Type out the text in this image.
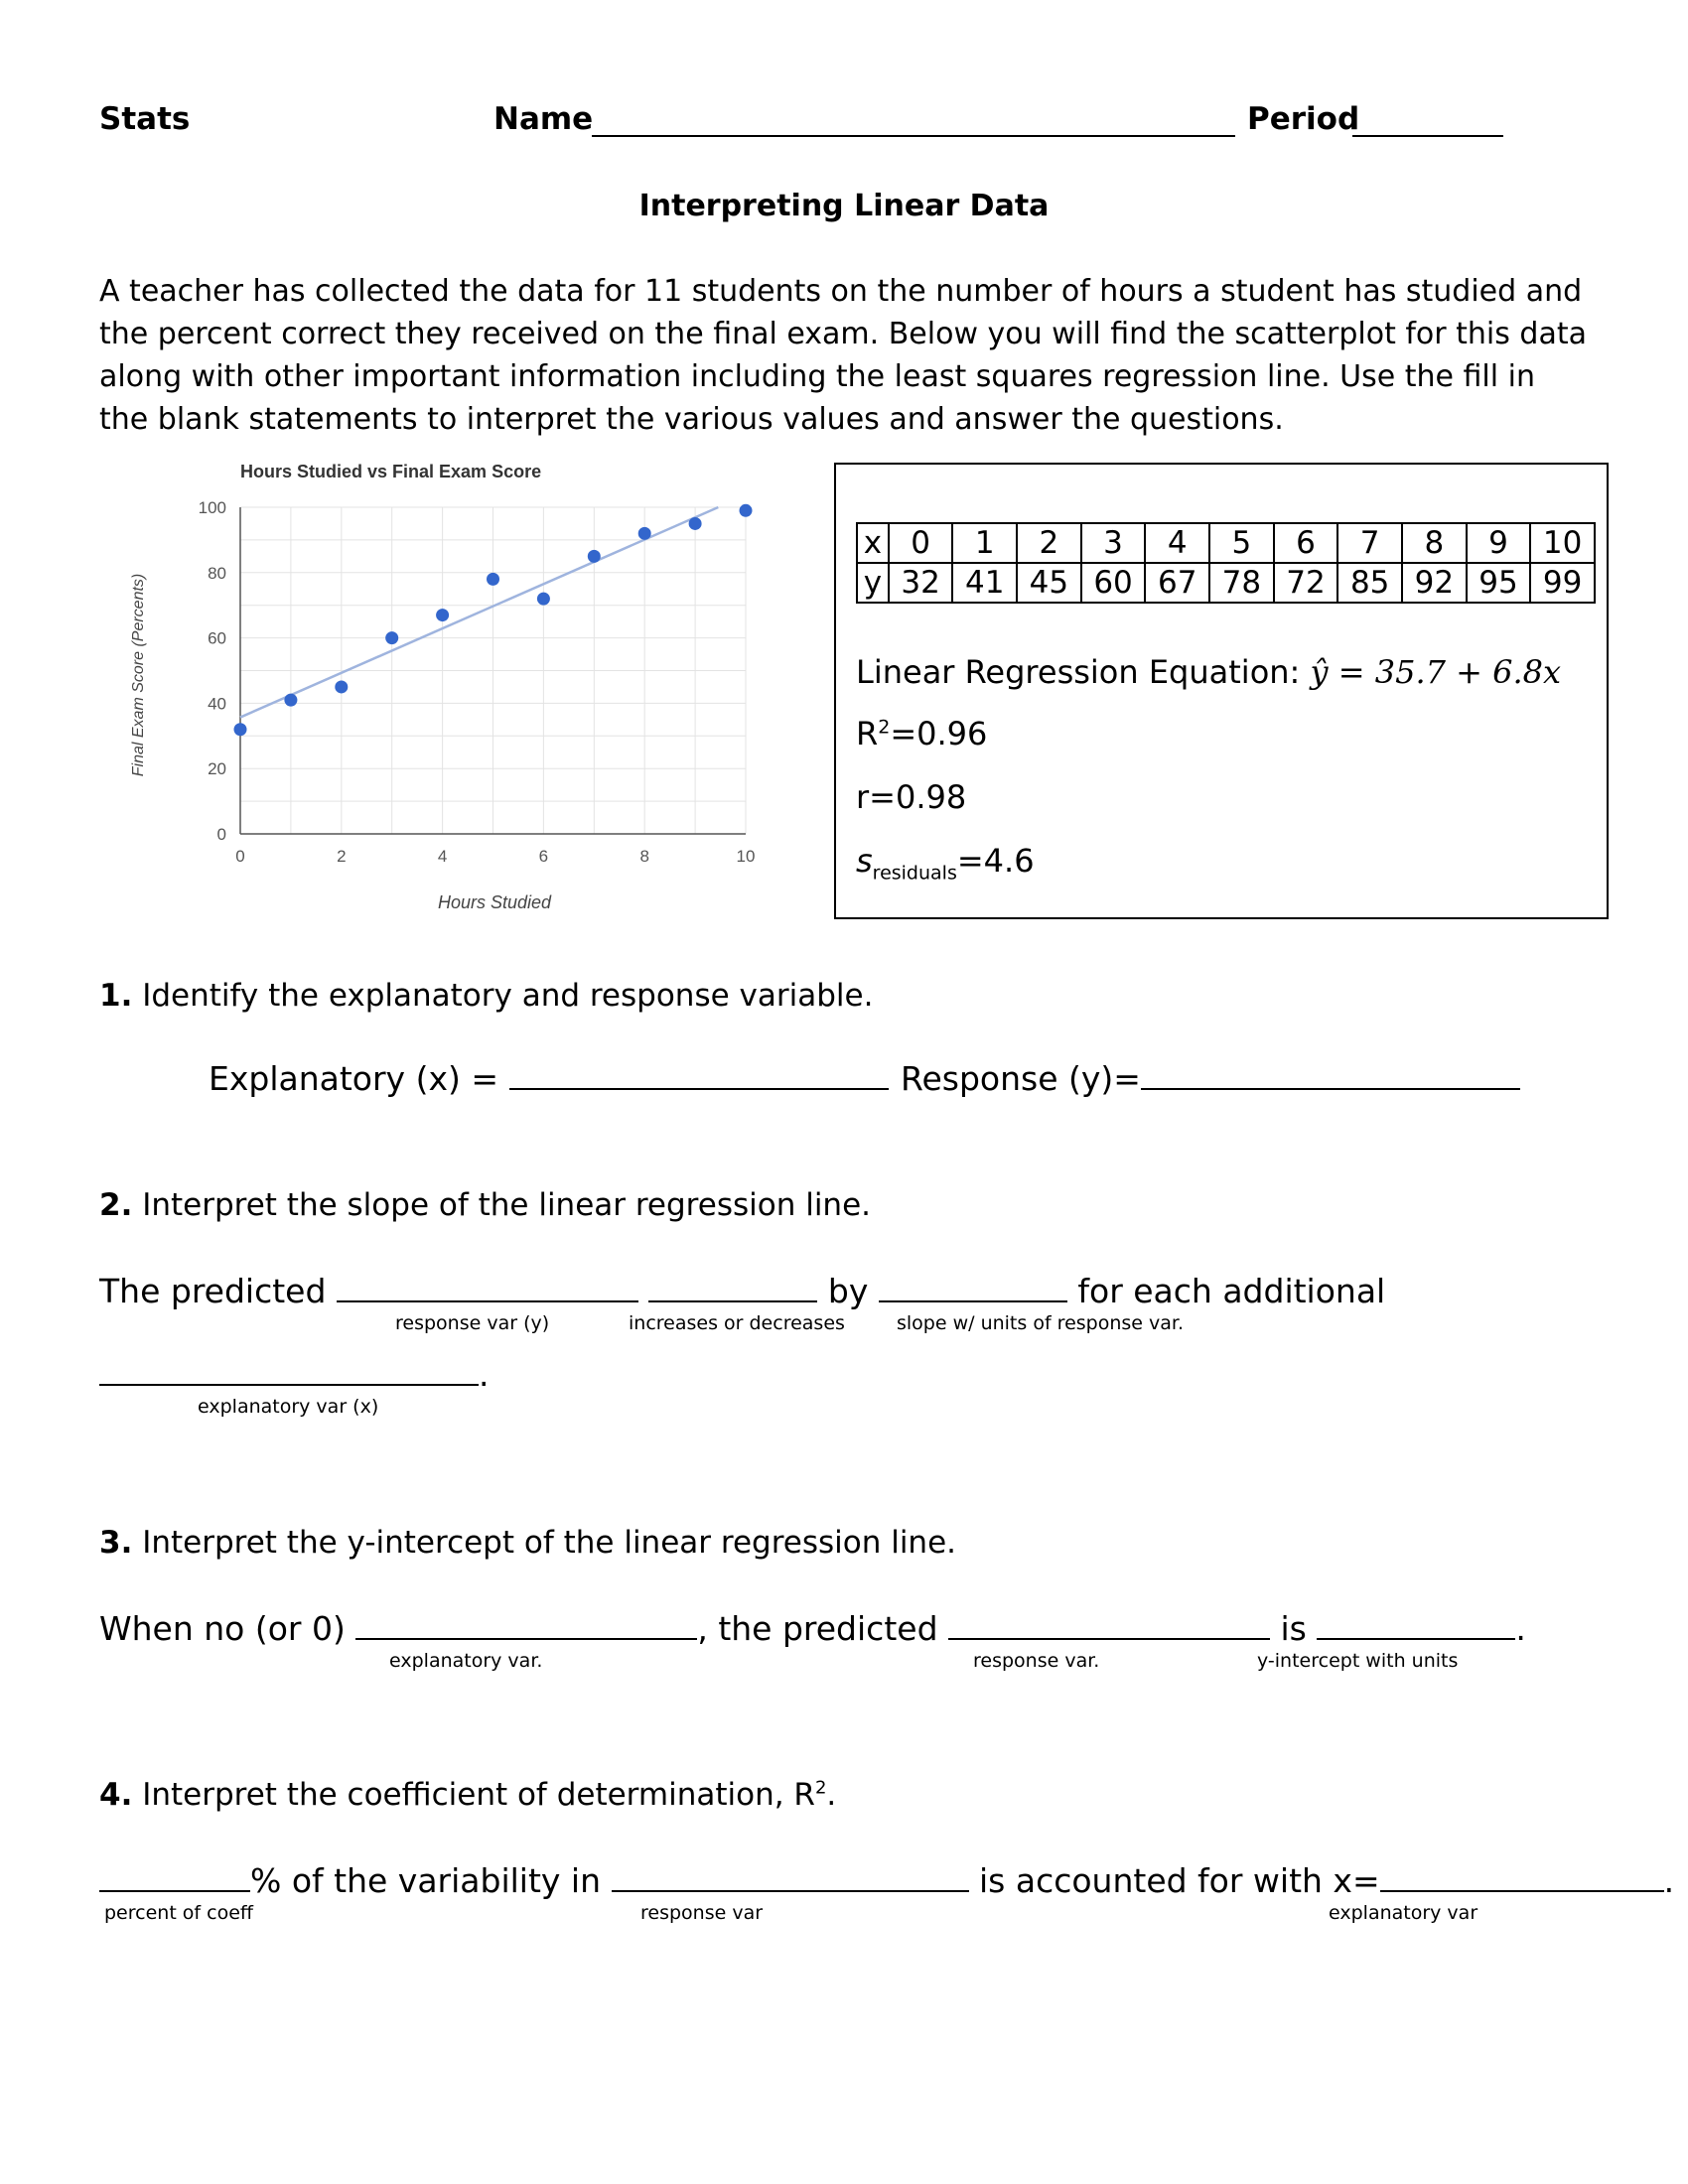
Stats	Name	Period
Interpreting Linear Data
A teacher has collected the data for 11 students on the number of hours a student has studied and the percent correct they received on the final exam. Below you will find the scatterplot for this data along with other important information including the least squares regression line. Use the fill in the blank statements to interpret the various values and answer the questions.
Hours Studied vs Final Exam Score
0
20
40
60
80
100
0	2	4	6	8	10
Hours Studied
Final Exam Score (Percents)
x	0	1	2	3	4	5	6	7	8	9	10
y	32	41	45	60	67	78	72	85	92	95	99
Linear Regression Equation: ŷ = 35.7 + 6.8x
$R^2=0.96$
r=0.98
$s_{residuals}=4.6$
1. Identify the explanatory and response variable.
Explanatory (x) =	Response (y)=
2. Interpret the slope of the linear regression line.
The predicted	by	for each additional
response var (y)	increases or decreases	slope w/ units of response var.
.
explanatory var (x)
3. Interpret the y-intercept of the linear regression line.
When no (or 0)	, the predicted	is	.
explanatory var.	response var.	y-intercept with units
4. Interpret the coefficient of determination, $R^2$.
% of the variability in	is accounted for with x=	.
percent of coeff	response var	explanatory var
